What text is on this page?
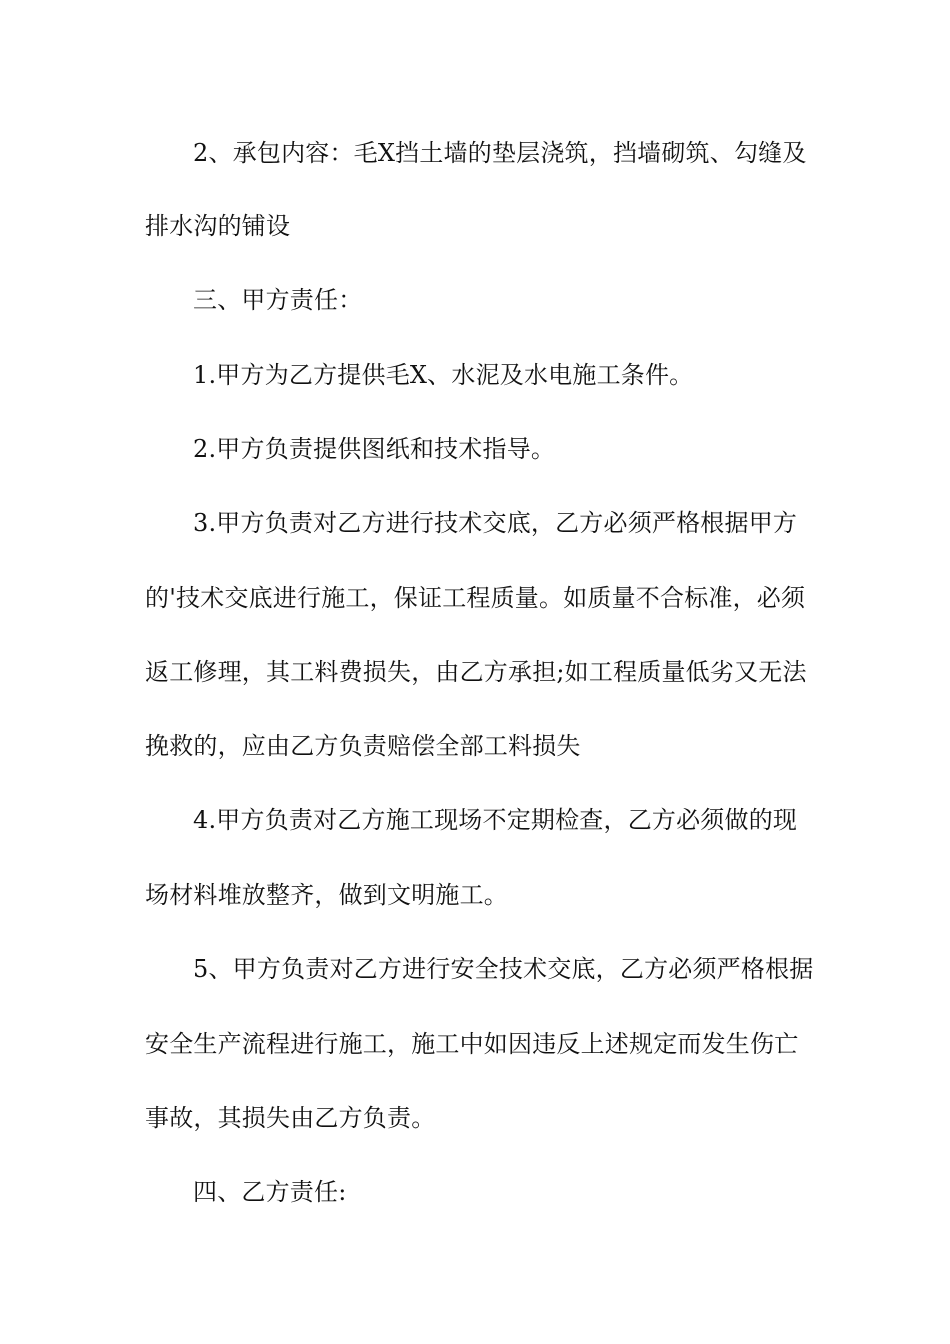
2、承包内容：毛X挡土墙的垫层浇筑，挡墙砌筑、勾缝及
排水沟的铺设
三、甲方责任：
1.甲方为乙方提供毛X、水泥及水电施工条件。
2.甲方负责提供图纸和技术指导。
3.甲方负责对乙方进行技术交底，乙方必须严格根据甲方
的'技术交底进行施工，保证工程质量。如质量不合标准，必须
返工修理，其工料费损失，由乙方承担;如工程质量低劣又无法
挽救的，应由乙方负责赔偿全部工料损失
4.甲方负责对乙方施工现场不定期检查，乙方必须做的现
场材料堆放整齐，做到文明施工。
5、甲方负责对乙方进行安全技术交底，乙方必须严格根据
安全生产流程进行施工，施工中如因违反上述规定而发生伤亡
事故，其损失由乙方负责。
四、乙方责任:
